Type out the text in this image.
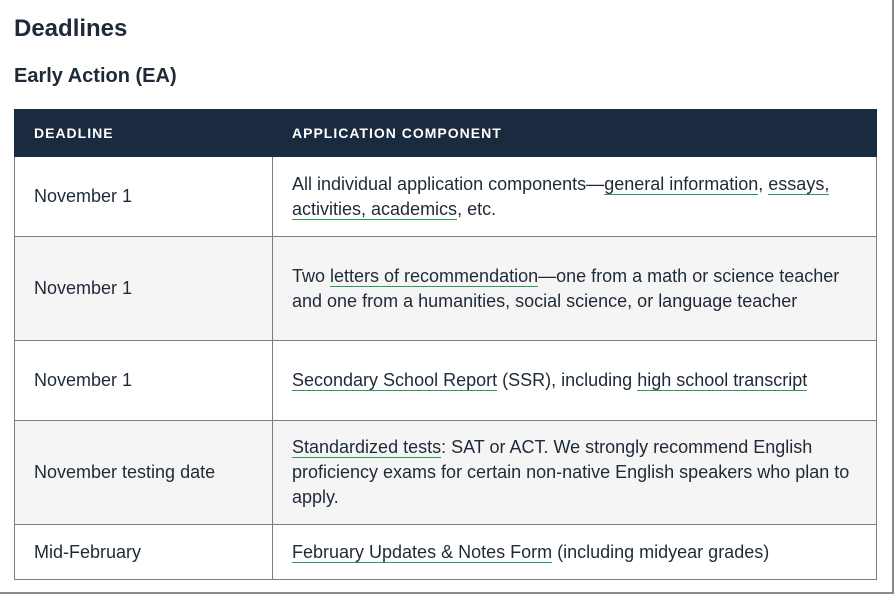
Deadlines
Early Action (EA)
DEADLINE	APPLICATION COMPONENT
November 1	All individual application components—general information, essays, activities, academics, etc.
November 1	Two letters of recommendation—one from a math or science teacher and one from a humanities, social science, or language teacher
November 1	Secondary School Report (SSR), including high school transcript
November testing date	Standardized tests: SAT or ACT. We strongly recommend English proficiency exams for certain non-native English speakers who plan to apply.
Mid-February	February Updates & Notes Form (including midyear grades)
